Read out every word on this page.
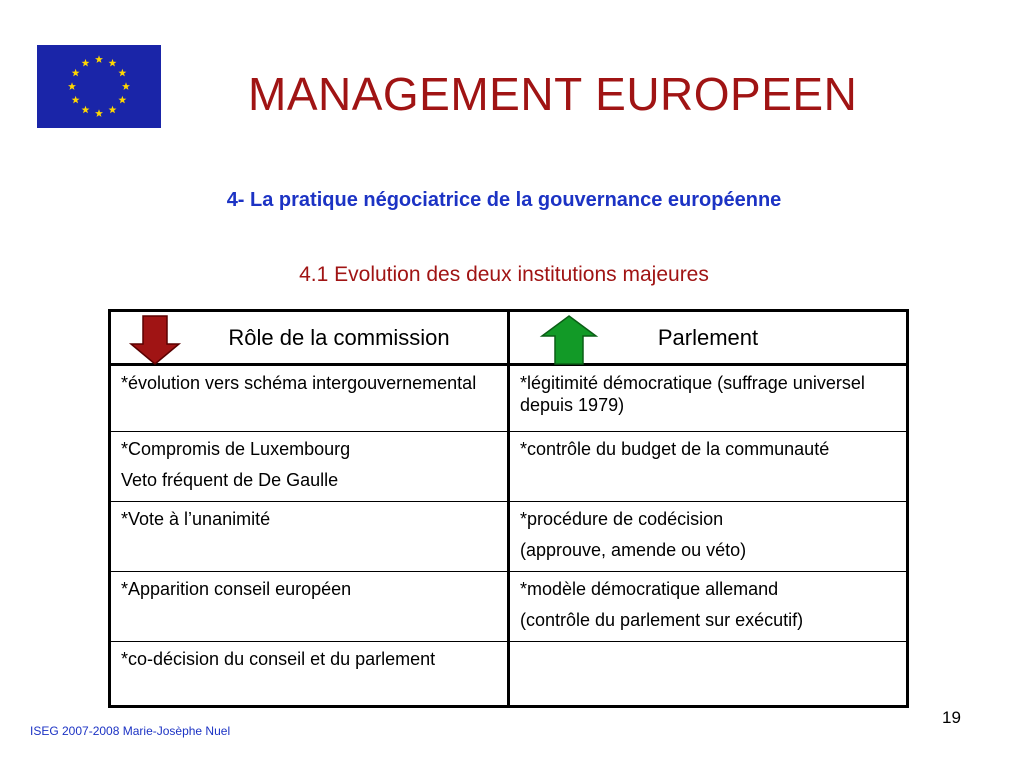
MANAGEMENT EUROPEEN
4- La pratique négociatrice de la gouvernance européenne
4.1 Evolution des deux institutions majeures
Rôle de la commission	Parlement

*évolution vers schéma intergouvernemental	*légitimité démocratique (suffrage universel depuis 1979)

*Compromis de Luxembourg
Veto fréquent de De Gaulle	*contrôle du budget de la communauté

*Vote à l’unanimité	*procédure de codécision
(approuve, amende ou véto)

*Apparition conseil européen	*modèle démocratique allemand
(contrôle du parlement sur exécutif)

*co-décision du conseil et du parlement	

19
ISEG 2007-2008 Marie-Josèphe Nuel
